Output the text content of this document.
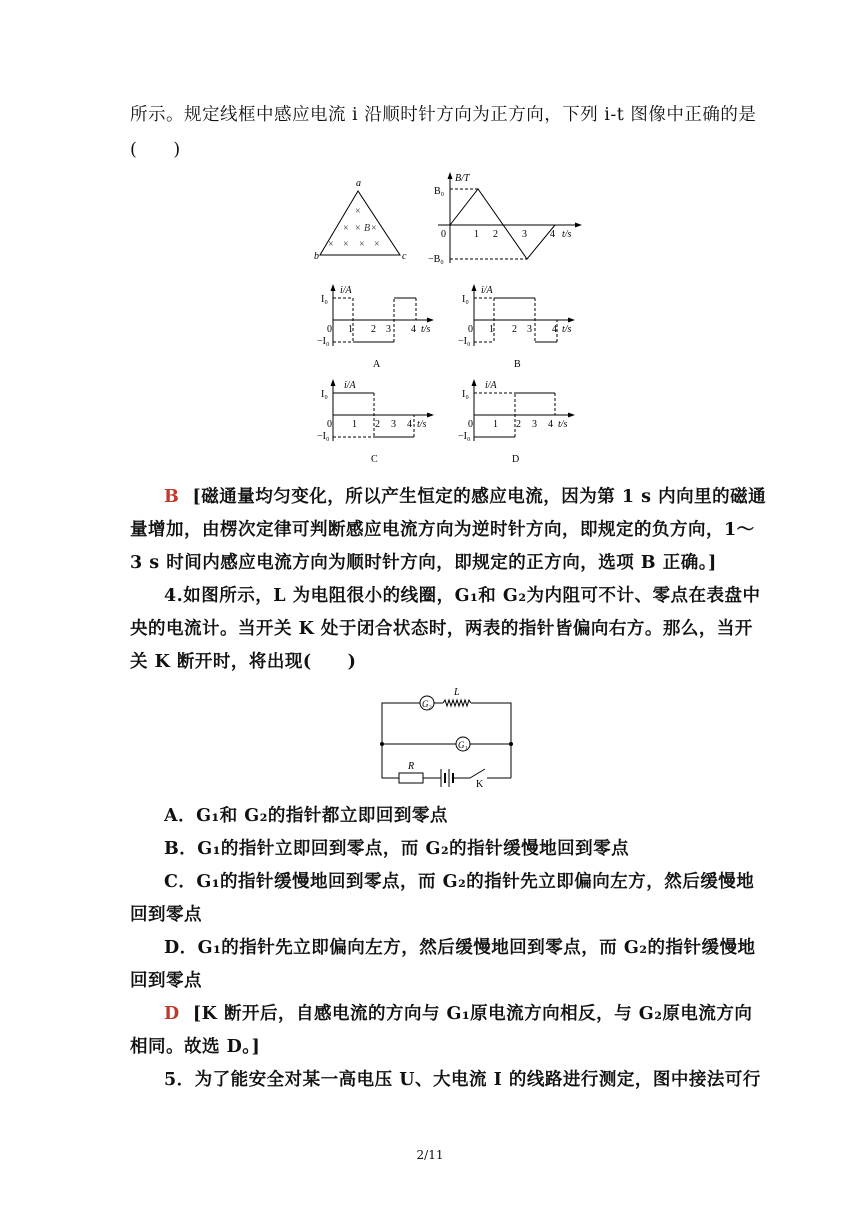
所示。规定线框中感应电流 i 沿顺时针方向为正方向，下列 i-t 图像中正确的是
(　　)
a
b	c
×
× × B ×
× × × ×
B/T
B₀
−B₀
0	1 2 3 4 t/s
i/A
I₀
−I₀
0 1 2 3 4 t/s
A
i/A
I₀
−I₀
0 1 2 3 4 t/s
B
i/A
I₀
−I₀
0 1 2 3 4 t/s
C
i/A
I₀
−I₀
0 1 2 3 4 t/s
D
B [磁通量均匀变化，所以产生恒定的感应电流，因为第 1 s 内向里的磁通
量增加，由楞次定律可判断感应电流方向为逆时针方向，即规定的负方向，1～
3 s 时间内感应电流方向为顺时针方向，即规定的正方向，选项 B 正确。]
4.如图所示，L 为电阻很小的线圈，G₁和 G₂为内阻可不计、零点在表盘中
央的电流计。当开关 K 处于闭合状态时，两表的指针皆偏向右方。那么，当开
关 K 断开时，将出现(　　)
G₂
G₁
L
R
K
A．G₁和 G₂的指针都立即回到零点
B．G₁的指针立即回到零点，而 G₂的指针缓慢地回到零点
C．G₁的指针缓慢地回到零点，而 G₂的指针先立即偏向左方，然后缓慢地
回到零点
D．G₁的指针先立即偏向左方，然后缓慢地回到零点，而 G₂的指针缓慢地
回到零点
D [K 断开后，自感电流的方向与 G₁原电流方向相反，与 G₂原电流方向
相同。故选 D。]
5．为了能安全对某一高电压 U、大电流 I 的线路进行测定，图中接法可行
2/11
